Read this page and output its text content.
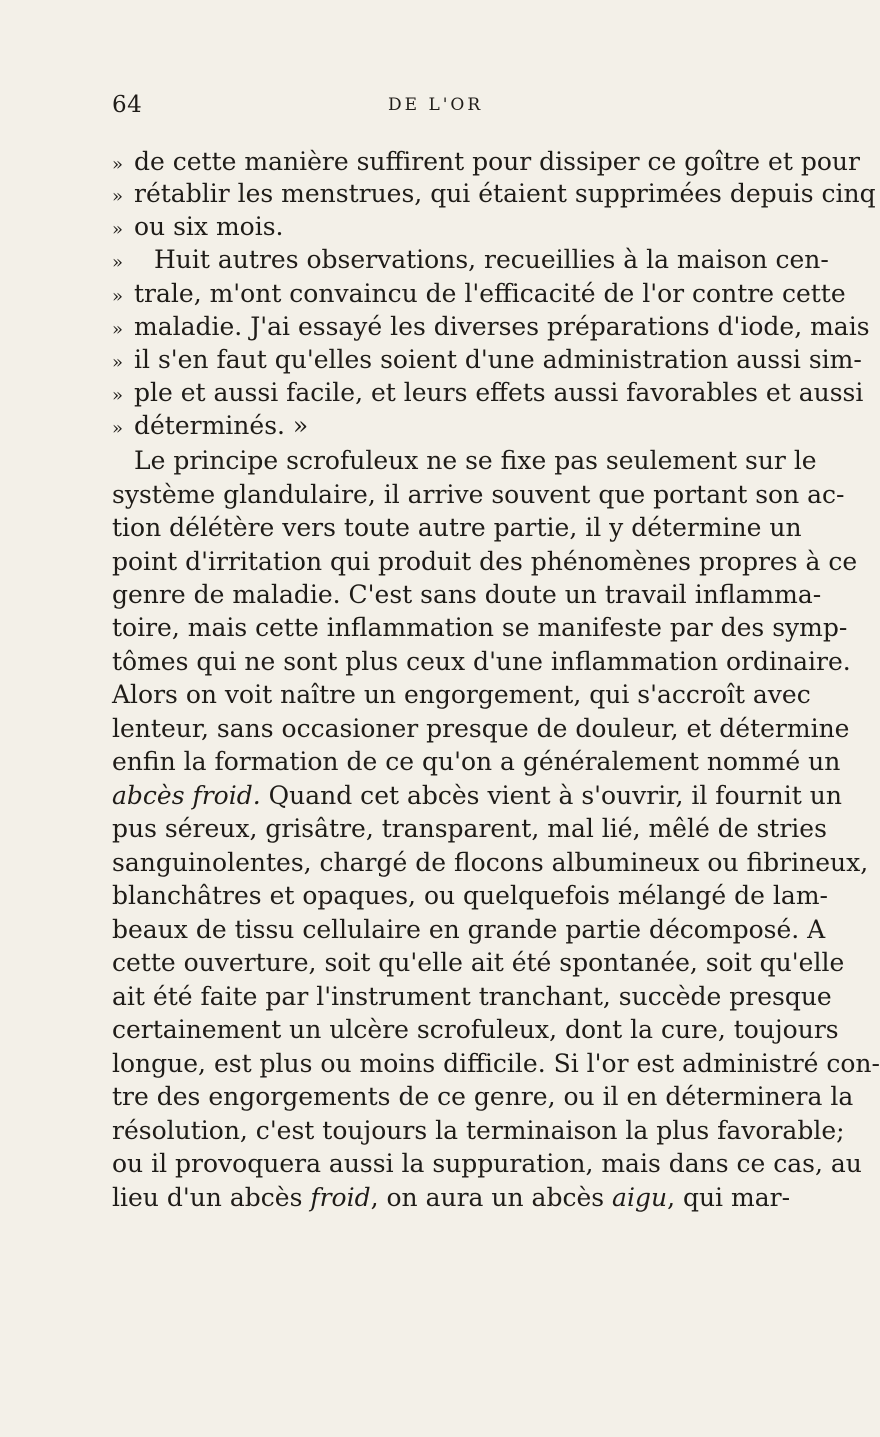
64	DE L'OR
» de cette manière suffirent pour dissiper ce goître et pour
» rétablir les menstrues, qui étaient supprimées depuis cinq
» ou six mois.
» Huit autres observations, recueillies à la maison cen-
» trale, m'ont convaincu de l'efficacité de l'or contre cette
» maladie. J'ai essayé les diverses préparations d'iode, mais
» il s'en faut qu'elles soient d'une administration aussi sim-
» ple et aussi facile, et leurs effets aussi favorables et aussi
» déterminés. »
Le principe scrofuleux ne se fixe pas seulement sur le
système glandulaire, il arrive souvent que portant son ac-
tion délétère vers toute autre partie, il y détermine un
point d'irritation qui produit des phénomènes propres à ce
genre de maladie. C'est sans doute un travail inflamma-
toire, mais cette inflammation se manifeste par des symp-
tômes qui ne sont plus ceux d'une inflammation ordinaire.
Alors on voit naître un engorgement, qui s'accroît avec
lenteur, sans occasioner presque de douleur, et détermine
enfin la formation de ce qu'on a généralement nommé un
abcès froid. Quand cet abcès vient à s'ouvrir, il fournit un
pus séreux, grisâtre, transparent, mal lié, mêlé de stries
sanguinolentes, chargé de flocons albumineux ou fibrineux,
blanchâtres et opaques, ou quelquefois mélangé de lam-
beaux de tissu cellulaire en grande partie décomposé. A
cette ouverture, soit qu'elle ait été spontanée, soit qu'elle
ait été faite par l'instrument tranchant, succède presque
certainement un ulcère scrofuleux, dont la cure, toujours
longue, est plus ou moins difficile. Si l'or est administré con-
tre des engorgements de ce genre, ou il en déterminera la
résolution, c'est toujours la terminaison la plus favorable;
ou il provoquera aussi la suppuration, mais dans ce cas, au
lieu d'un abcès froid, on aura un abcès aigu, qui mar-
